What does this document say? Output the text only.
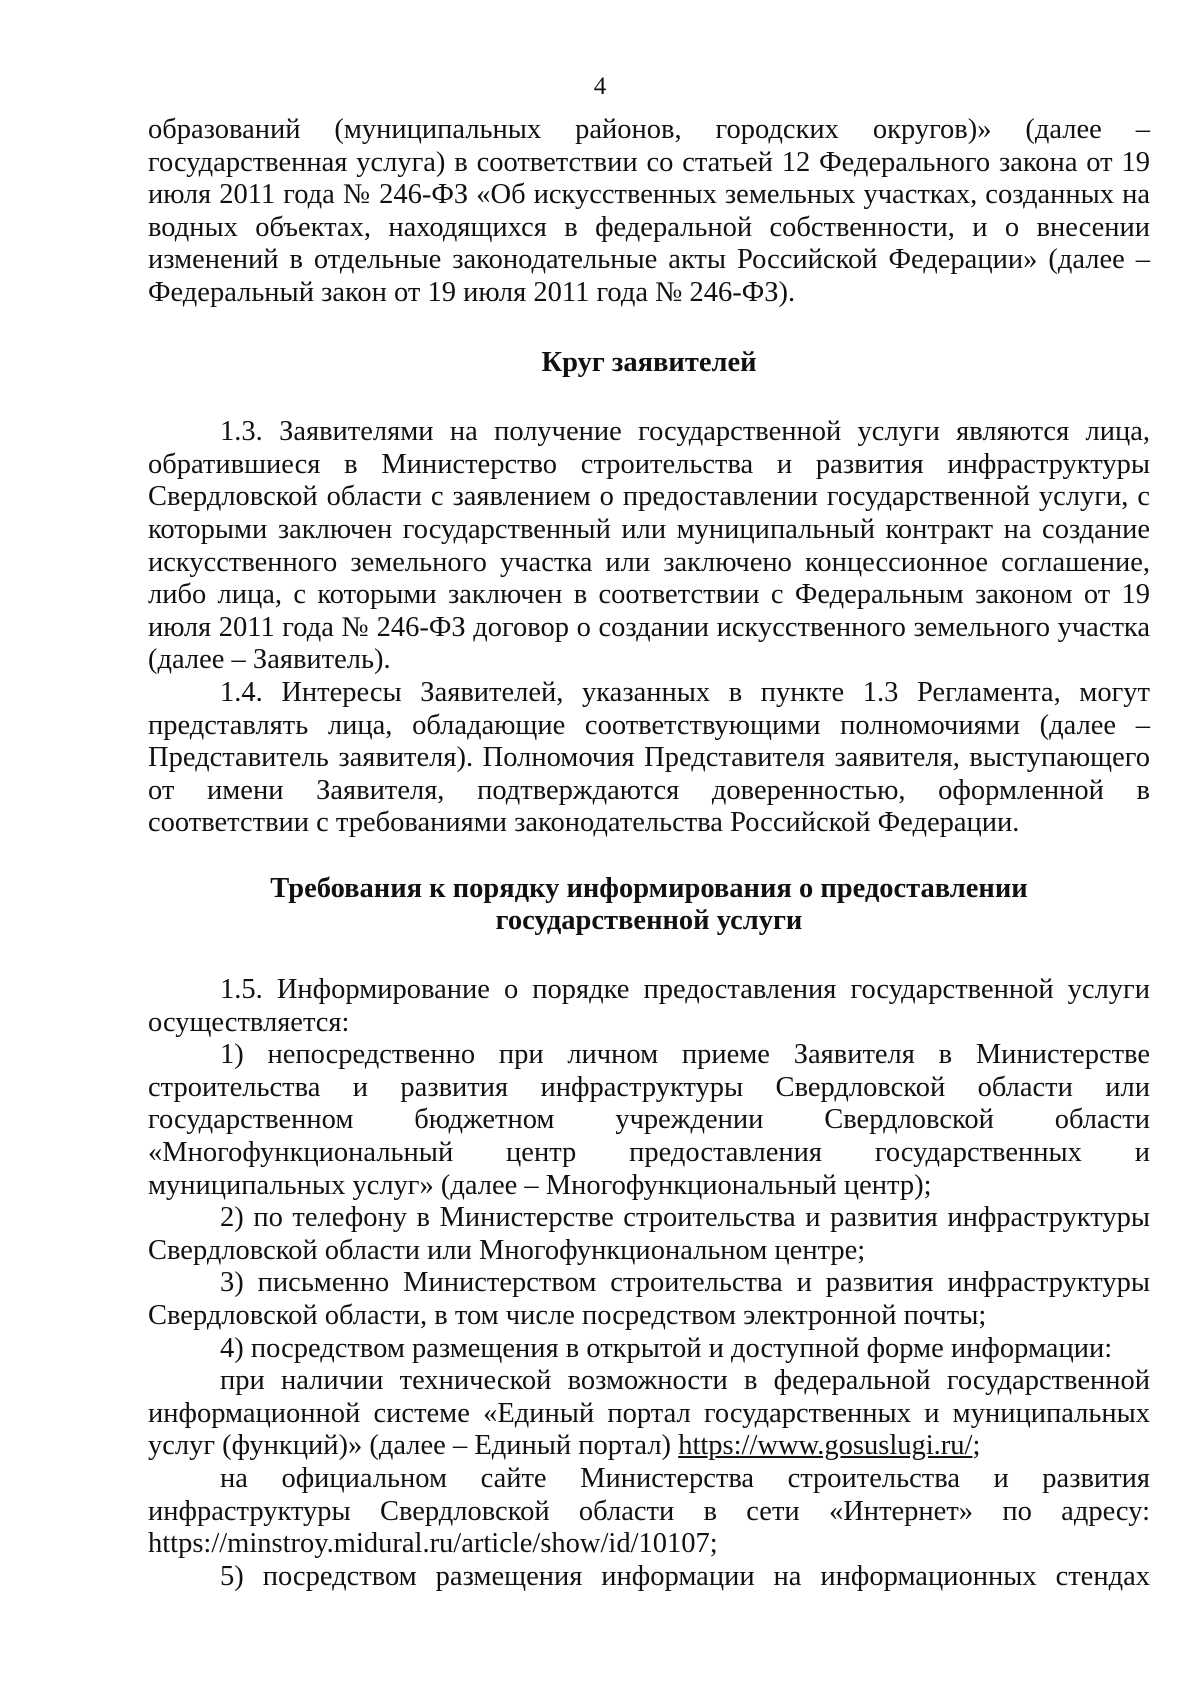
4

образований (муниципальных районов, городских округов)» (далее – государственная услуга) в соответствии со статьей 12 Федерального закона от 19 июля 2011 года № 246-ФЗ «Об искусственных земельных участках, созданных на водных объектах, находящихся в федеральной собственности, и о внесении изменений в отдельные законодательные акты Российской Федерации» (далее – Федеральный закон от 19 июля 2011 года № 246-ФЗ).

Круг заявителей

1.3. Заявителями на получение государственной услуги являются лица, обратившиеся в Министерство строительства и развития инфраструктуры Свердловской области с заявлением о предоставлении государственной услуги, с которыми заключен государственный или муниципальный контракт на создание искусственного земельного участка или заключено концессионное соглашение, либо лица, с которыми заключен в соответствии с Федеральным законом от 19 июля 2011 года № 246-ФЗ договор о создании искусственного земельного участка (далее – Заявитель).

1.4. Интересы Заявителей, указанных в пункте 1.3 Регламента, могут представлять лица, обладающие соответствующими полномочиями (далее – Представитель заявителя). Полномочия Представителя заявителя, выступающего от имени Заявителя, подтверждаются доверенностью, оформленной в соответствии с требованиями законодательства Российской Федерации.

Требования к порядку информирования о предоставлении

государственной услуги

1.5. Информирование о порядке предоставления государственной услуги осуществляется:

1) непосредственно при личном приеме Заявителя в Министерстве строительства и развития инфраструктуры Свердловской области или государственном бюджетном учреждении Свердловской области «Многофункциональный центр предоставления государственных и муниципальных услуг» (далее – Многофункциональный центр);

2) по телефону в Министерстве строительства и развития инфраструктуры Свердловской области или Многофункциональном центре;

3) письменно Министерством строительства и развития инфраструктуры Свердловской области, в том числе посредством электронной почты;

4) посредством размещения в открытой и доступной форме информации:

при наличии технической возможности в федеральной государственной информационной системе «Единый портал государственных и муниципальных услуг (функций)» (далее – Единый портал) https://www.gosuslugi.ru/;

на официальном сайте Министерства строительства и развития инфраструктуры Свердловской области в сети «Интернет» по адресу: https://minstroy.midural.ru/article/show/id/10107;

5) посредством размещения информации на информационных стендах
